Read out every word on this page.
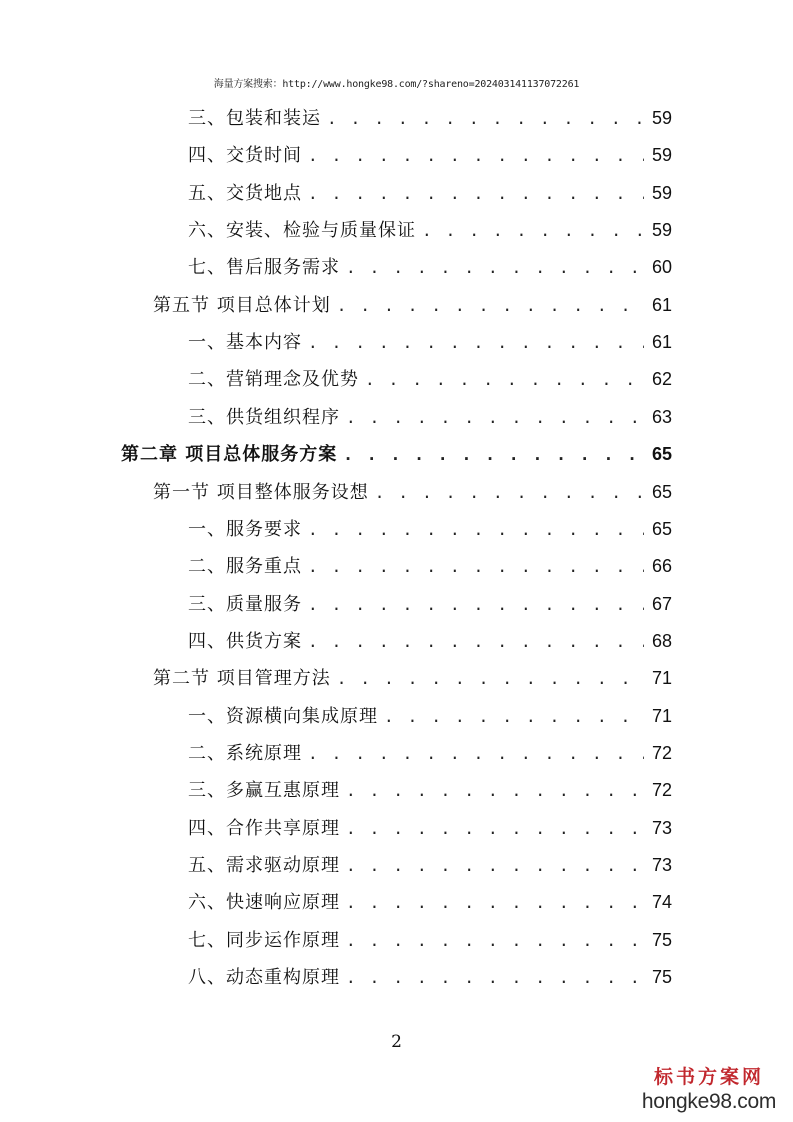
海量方案搜索：http://www.hongke98.com/?shareno=202403141137072261
三、包装和装运 . . .	59
四、交货时间 . . .	59
五、交货地点 . . .	59
六、安装、检验与质量保证 . . .	59
七、售后服务需求 . . .	60
第五节 项目总体计划 . . .	61
一、基本内容 . . .	61
二、营销理念及优势 . . .	62
三、供货组织程序 . . .	63
第二章 项目总体服务方案 . . .	65
第一节 项目整体服务设想 . . .	65
一、服务要求 . . .	65
二、服务重点 . . .	66
三、质量服务 . . .	67
四、供货方案 . . .	68
第二节 项目管理方法 . . .	71
一、资源横向集成原理 . . .	71
二、系统原理 . . .	72
三、多赢互惠原理 . . .	72
四、合作共享原理 . . .	73
五、需求驱动原理 . . .	73
六、快速响应原理 . . .	74
七、同步运作原理 . . .	75
八、动态重构原理 . . .	75
2
标书方案网
hongke98.com
